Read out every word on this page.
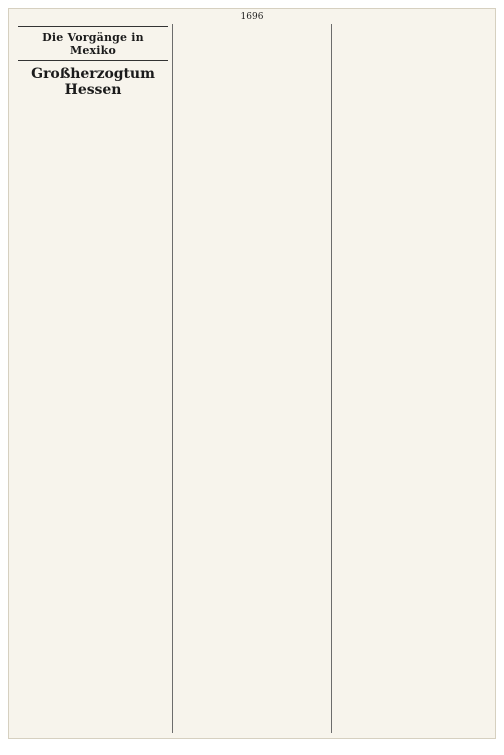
1696

Die Vorgänge in Mexiko

Großherzogtum Hessen
